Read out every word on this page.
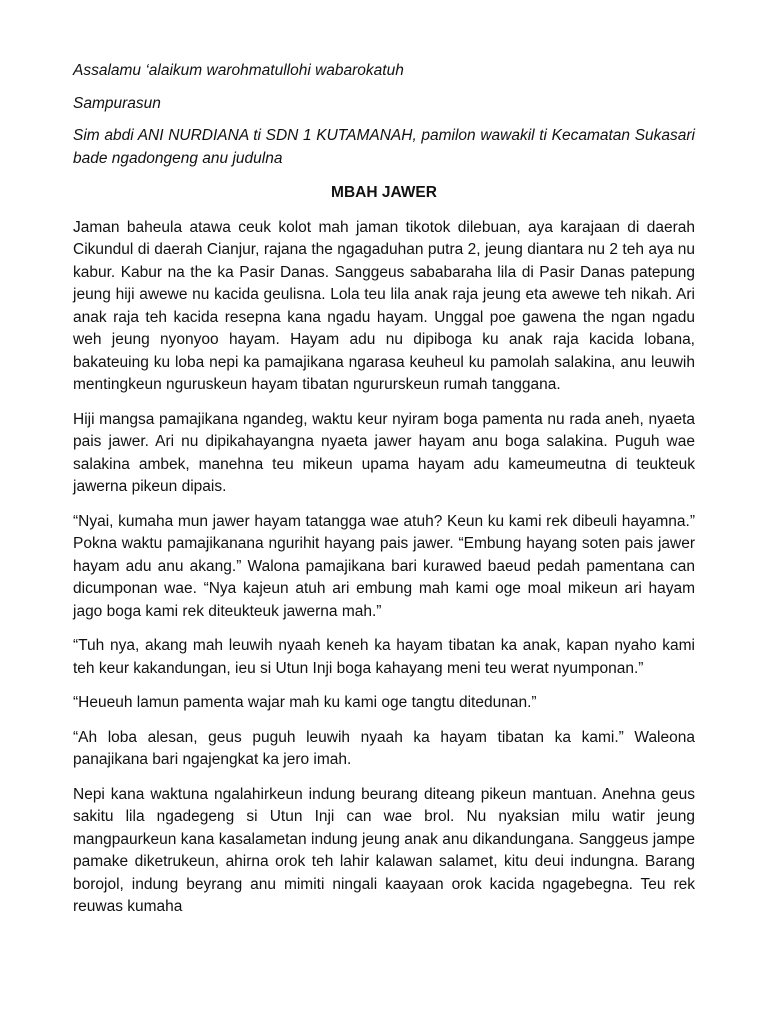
Assalamu ‘alaikum warohmatullohi wabarokatuh

Sampurasun

Sim abdi ANI NURDIANA ti SDN 1 KUTAMANAH, pamilon wawakil ti Kecamatan Sukasari bade ngadongeng anu judulna

MBAH JAWER

Jaman baheula atawa ceuk kolot mah jaman tikotok dilebuan, aya karajaan di daerah Cikundul di daerah Cianjur, rajana the ngagaduhan putra 2, jeung diantara nu 2 teh aya nu kabur. Kabur na the ka Pasir Danas. Sanggeus sababaraha lila di Pasir Danas patepung jeung hiji awewe nu kacida geulisna. Lola teu lila anak raja jeung eta awewe teh nikah. Ari anak raja teh kacida resepna kana ngadu hayam. Unggal poe gawena the ngan ngadu weh jeung nyonyoo hayam. Hayam adu nu dipiboga ku anak raja kacida lobana, bakateuing ku loba nepi ka pamajikana ngarasa keuheul ku pamolah salakina, anu leuwih mentingkeun nguruskeun hayam tibatan ngururskeun rumah tanggana.

Hiji mangsa pamajikana ngandeg, waktu keur nyiram boga pamenta nu rada aneh, nyaeta pais jawer. Ari nu dipikahayangna nyaeta jawer hayam anu boga salakina. Puguh wae salakina ambek, manehna teu mikeun upama hayam adu kameumeutna di teukteuk jawerna pikeun dipais.

“Nyai, kumaha mun jawer hayam tatangga wae atuh? Keun ku kami rek dibeuli hayamna.” Pokna waktu pamajikanana ngurihit hayang pais jawer. “Embung hayang soten pais jawer hayam adu anu akang.” Walona pamajikana bari kurawed baeud pedah pamentana can dicumponan wae. “Nya kajeun atuh ari embung mah kami oge moal mikeun ari hayam jago boga kami rek diteukteuk jawerna mah.”

“Tuh nya, akang mah leuwih nyaah keneh ka hayam tibatan ka anak, kapan nyaho kami teh keur kakandungan, ieu si Utun Inji boga kahayang meni teu werat nyumponan.”

“Heueuh lamun pamenta wajar mah ku kami oge tangtu ditedunan.”

“Ah loba alesan, geus puguh leuwih nyaah ka hayam tibatan ka kami.” Waleona panajikana bari ngajengkat ka jero imah.

Nepi kana waktuna ngalahirkeun indung beurang diteang pikeun mantuan. Anehna geus sakitu lila ngadegeng si Utun Inji can wae brol. Nu nyaksian milu watir jeung mangpaurkeun kana kasalametan indung jeung anak anu dikandungana. Sanggeus jampe pamake diketrukeun, ahirna orok teh lahir kalawan salamet, kitu deui indungna. Barang borojol, indung beyrang anu mimiti ningali kaayaan orok kacida ngagebegna. Teu rek reuwas kumaha
